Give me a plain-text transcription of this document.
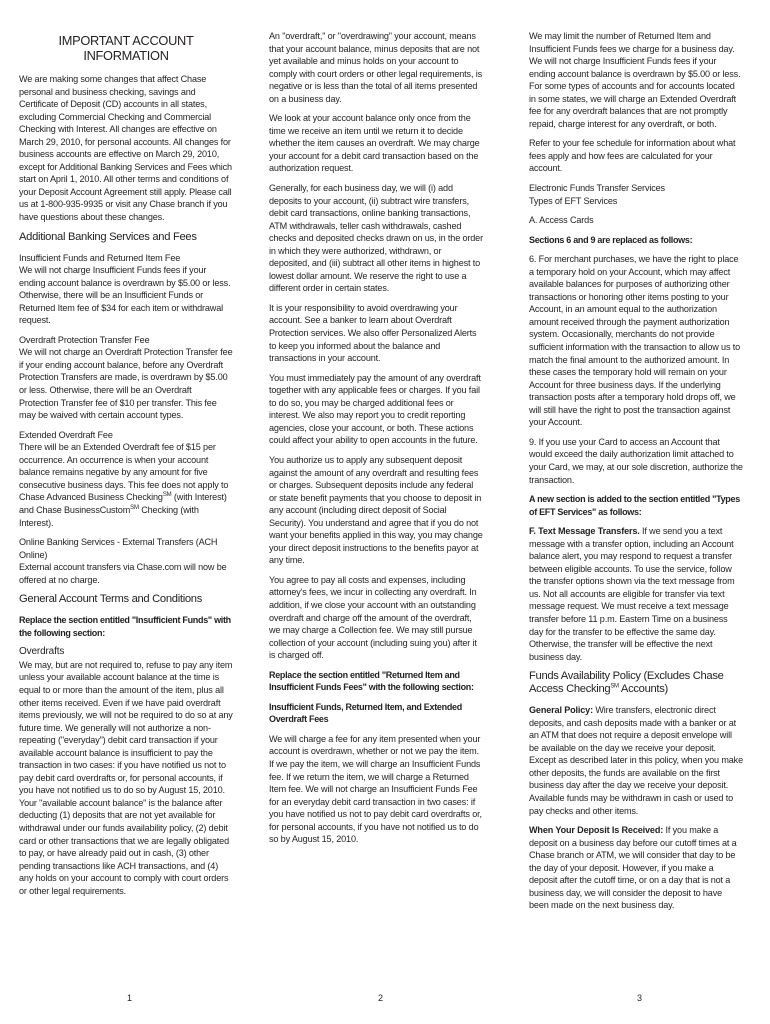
IMPORTANT ACCOUNT INFORMATION

We are making some changes that affect Chase personal and business checking, savings and Certificate of Deposit (CD) accounts in all states, excluding Commercial Checking and Commercial Checking with Interest. All changes are effective on March 29, 2010, for personal accounts. All changes for business accounts are effective on March 29, 2010, except for Additional Banking Services and Fees which start on April 1, 2010. All other terms and conditions of your Deposit Account Agreement still apply. Please call us at 1-800-935-9935 or visit any Chase branch if you have questions about these changes.

Additional Banking Services and Fees

Insufficient Funds and Returned Item Fee

We will not charge Insufficient Funds fees if your ending account balance is overdrawn by $5.00 or less. Otherwise, there will be an Insufficient Funds or Returned Item fee of $34 for each item or withdrawal request.

Overdraft Protection Transfer Fee

We will not charge an Overdraft Protection Transfer fee if your ending account balance, before any Overdraft Protection Transfers are made, is overdrawn by $5.00 or less. Otherwise, there will be an Overdraft Protection Transfer fee of $10 per transfer. This fee may be waived with certain account types.

Extended Overdraft Fee

There will be an Extended Overdraft fee of $15 per occurrence. An occurrence is when your account balance remains negative by any amount for five consecutive business days. This fee does not apply to Chase Advanced Business Checking℠ (with Interest) and Chase BusinessCustom℠ Checking (with Interest).

Online Banking Services - External Transfers (ACH Online)

External account transfers via Chase.com will now be offered at no charge.

General Account Terms and Conditions

Replace the section entitled "Insufficient Funds" with the following section:

Overdrafts

We may, but are not required to, refuse to pay any item unless your available account balance at the time is equal to or more than the amount of the item, plus all other items received. Even if we have paid overdraft items previously, we will not be required to do so at any future time. We generally will not authorize a non-repeating ("everyday") debit card transaction if your available account balance is insufficient to pay the transaction in two cases: if you have notified us not to pay debit card overdrafts or, for personal accounts, if you have not notified us to do so by August 15, 2010. Your "available account balance" is the balance after deducting (1) deposits that are not yet available for withdrawal under our funds availability policy, (2) debit card or other transactions that we are legally obligated to pay, or have already paid out in cash, (3) other pending transactions like ACH transactions, and (4) any holds on your account to comply with court orders or other legal requirements.

An "overdraft," or "overdrawing" your account, means that your account balance, minus deposits that are not yet available and minus holds on your account to comply with court orders or other legal requirements, is negative or is less than the total of all items presented on a business day.

We look at your account balance only once from the time we receive an item until we return it to decide whether the item causes an overdraft. We may charge your account for a debit card transaction based on the authorization request.

Generally, for each business day, we will (i) add deposits to your account, (ii) subtract wire transfers, debit card transactions, online banking transactions, ATM withdrawals, teller cash withdrawals, cashed checks and deposited checks drawn on us, in the order in which they were authorized, withdrawn, or deposited, and (iii) subtract all other items in highest to lowest dollar amount. We reserve the right to use a different order in certain states.

It is your responsibility to avoid overdrawing your account. See a banker to learn about Overdraft Protection services. We also offer Personalized Alerts to keep you informed about the balance and transactions in your account.

You must immediately pay the amount of any overdraft together with any applicable fees or charges. If you fail to do so, you may be charged additional fees or interest. We also may report you to credit reporting agencies, close your account, or both. These actions could affect your ability to open accounts in the future.

You authorize us to apply any subsequent deposit against the amount of any overdraft and resulting fees or charges. Subsequent deposits include any federal or state benefit payments that you choose to deposit in any account (including direct deposit of Social Security). You understand and agree that if you do not want your benefits applied in this way, you may change your direct deposit instructions to the benefits payor at any time.

You agree to pay all costs and expenses, including attorney's fees, we incur in collecting any overdraft. In addition, if we close your account with an outstanding overdraft and charge off the amount of the overdraft, we may charge a Collection fee. We may still pursue collection of your account (including suing you) after it is charged off.

Replace the section entitled "Returned Item and Insufficient Funds Fees" with the following section:

Insufficient Funds, Returned Item, and Extended Overdraft Fees

We will charge a fee for any item presented when your account is overdrawn, whether or not we pay the item. If we pay the item, we will charge an Insufficient Funds fee. If we return the item, we will charge a Returned Item fee. We will not charge an Insufficient Funds Fee for an everyday debit card transaction in two cases: if you have notified us not to pay debit card overdrafts or, for personal accounts, if you have not notified us to do so by August 15, 2010.

We may limit the number of Returned Item and Insufficient Funds fees we charge for a business day. We will not charge Insufficient Funds fees if your ending account balance is overdrawn by $5.00 or less. For some types of accounts and for accounts located in some states, we will charge an Extended Overdraft fee for any overdraft balances that are not promptly repaid, charge interest for any overdraft, or both.

Refer to your fee schedule for information about what fees apply and how fees are calculated for your account.

Electronic Funds Transfer Services

Types of EFT Services

A. Access Cards

Sections 6 and 9 are replaced as follows:

6. For merchant purchases, we have the right to place a temporary hold on your Account, which may affect available balances for purposes of authorizing other transactions or honoring other items posting to your Account, in an amount equal to the authorization amount received through the payment authorization system. Occasionally, merchants do not provide sufficient information with the transaction to allow us to match the final amount to the authorized amount. In these cases the temporary hold will remain on your Account for three business days. If the underlying transaction posts after a temporary hold drops off, we will still have the right to post the transaction against your Account.

9. If you use your Card to access an Account that would exceed the daily authorization limit attached to your Card, we may, at our sole discretion, authorize the transaction.

A new section is added to the section entitled "Types of EFT Services" as follows:

F. Text Message Transfers. If we send you a text message with a transfer option, including an Account balance alert, you may respond to request a transfer between eligible accounts. To use the service, follow the transfer options shown via the text message from us. Not all accounts are eligible for transfer via text message request. We must receive a text message transfer before 11 p.m. Eastern Time on a business day for the transfer to be effective the same day. Otherwise, the transfer will be effective the next business day.

Funds Availability Policy (Excludes Chase Access Checking℠ Accounts)

General Policy: Wire transfers, electronic direct deposits, and cash deposits made with a banker or at an ATM that does not require a deposit envelope will be available on the day we receive your deposit. Except as described later in this policy, when you make other deposits, the funds are available on the first business day after the day we receive your deposit. Available funds may be withdrawn in cash or used to pay checks and other items.

When Your Deposit Is Received: If you make a deposit on a business day before our cutoff times at a Chase branch or ATM, we will consider that day to be the day of your deposit. However, if you make a deposit after the cutoff time, or on a day that is not a business day, we will consider the deposit to have been made on the next business day.

1	2	3
